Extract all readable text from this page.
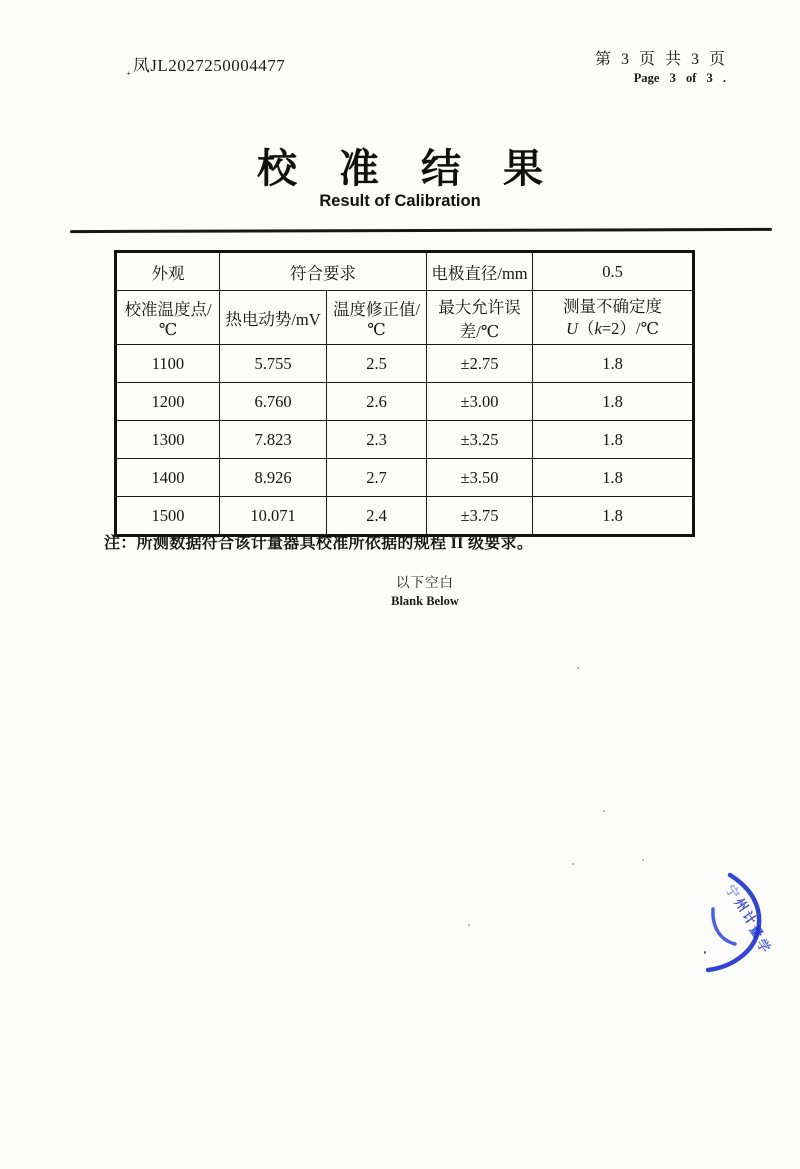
$_{_+}$凤JL2027250004477	第 3 页 共 3 页
Page 3 of 3 .
校 准 结 果
Result of Calibration
外观	符合要求		电极直径/mm	0.5
校准温度点/℃	热电动势/mV	温度修正值/℃	最大允许误差/℃	测量不确定度
U（k=2）/℃

1100	5.755	2.5	±2.75	1.8
1200	6.760	2.6	±3.00	1.8
1300	7.823	2.3	±3.25	1.8
1400	8.926	2.7	±3.50	1.8
1500	10.071	2.4	±3.75	1.8
注：所测数据符合该计量器具校准所依据的规程 II 级要求。
以下空白
Blank Below
宁
州
计
量
学
